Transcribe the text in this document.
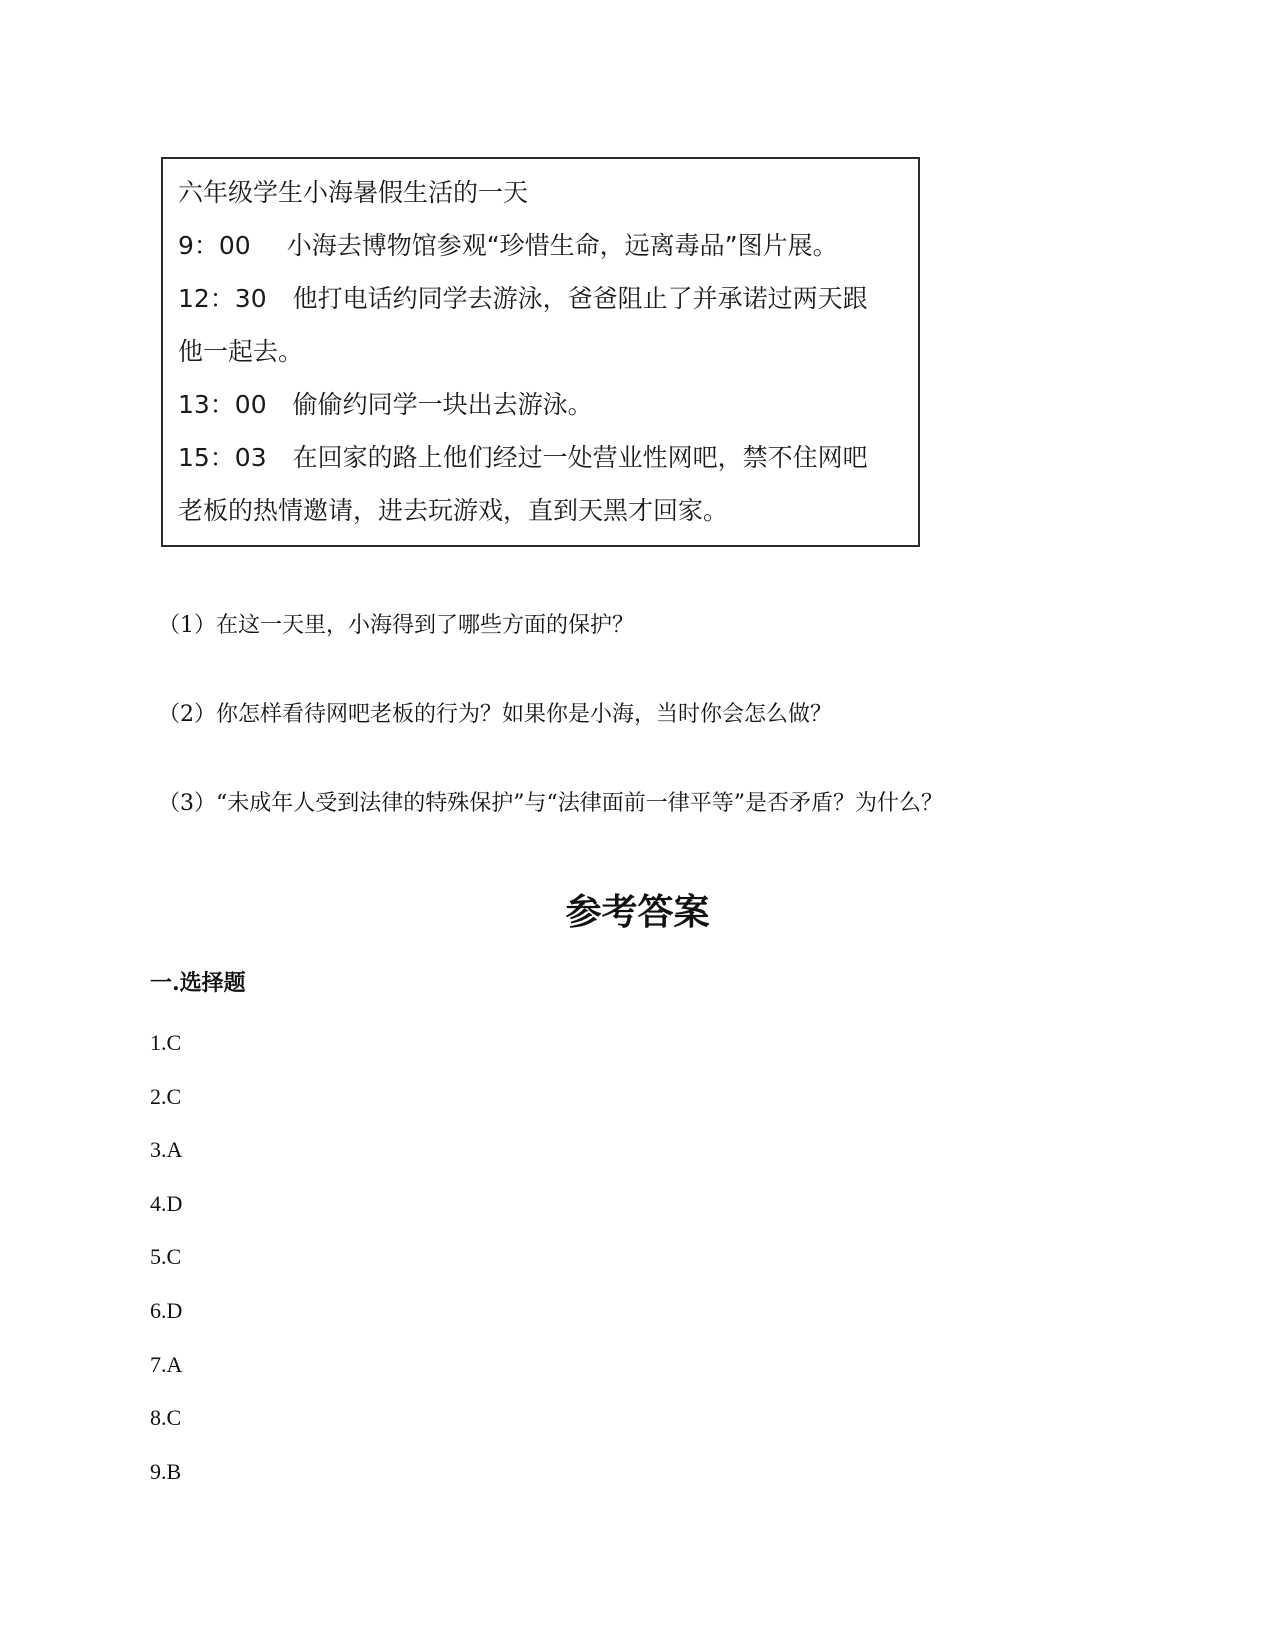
六年级学生小海暑假生活的一天
9：00 小海去博物馆参观“珍惜生命，远离毒品”图片展。
12：30 他打电话约同学去游泳，爸爸阻止了并承诺过两天跟
他一起去。
13：00 偷偷约同学一块出去游泳。
15：03 在回家的路上他们经过一处营业性网吧，禁不住网吧
老板的热情邀请，进去玩游戏，直到天黑才回家。
（1）在这一天里，小海得到了哪些方面的保护？
（2）你怎样看待网吧老板的行为？如果你是小海，当时你会怎么做？
（3）“未成年人受到法律的特殊保护”与“法律面前一律平等”是否矛盾？为什么？
参考答案
一.选择题
1.C
2.C
3.A
4.D
5.C
6.D
7.A
8.C
9.B
